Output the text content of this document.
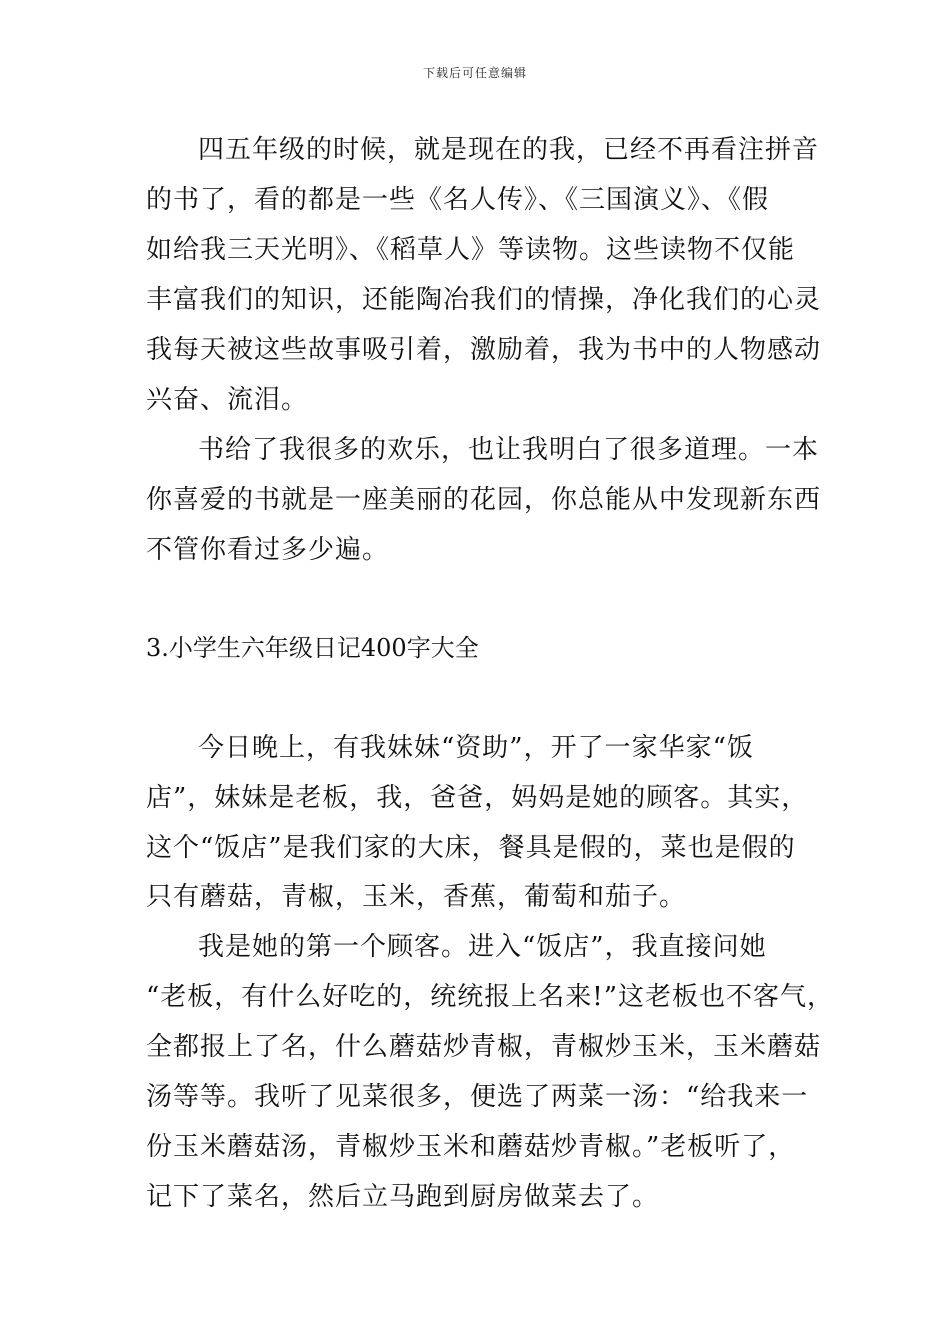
下载后可任意编辑
四五年级的时候，就是现在的我，已经不再看注拼音
的书了，看的都是一些《名人传》、《三国演义》、《假
如给我三天光明》、《稻草人》等读物。这些读物不仅能
丰富我们的知识，还能陶冶我们的情操，净化我们的心灵
我每天被这些故事吸引着，激励着，我为书中的人物感动
兴奋、流泪。
书给了我很多的欢乐，也让我明白了很多道理。一本
你喜爱的书就是一座美丽的花园，你总能从中发现新东西
不管你看过多少遍。
3.小学生六年级日记400字大全
今日晚上，有我妹妹“资助”，开了一家华家“饭
店”，妹妹是老板，我，爸爸，妈妈是她的顾客。其实，
这个“饭店”是我们家的大床，餐具是假的，菜也是假的
只有蘑菇，青椒，玉米，香蕉，葡萄和茄子。
我是她的第一个顾客。进入“饭店”，我直接问她
“老板，有什么好吃的，统统报上名来!”这老板也不客气，
全都报上了名，什么蘑菇炒青椒，青椒炒玉米，玉米蘑菇
汤等等。我听了见菜很多，便选了两菜一汤：“给我来一
份玉米蘑菇汤，青椒炒玉米和蘑菇炒青椒。”老板听了，
记下了菜名，然后立马跑到厨房做菜去了。
